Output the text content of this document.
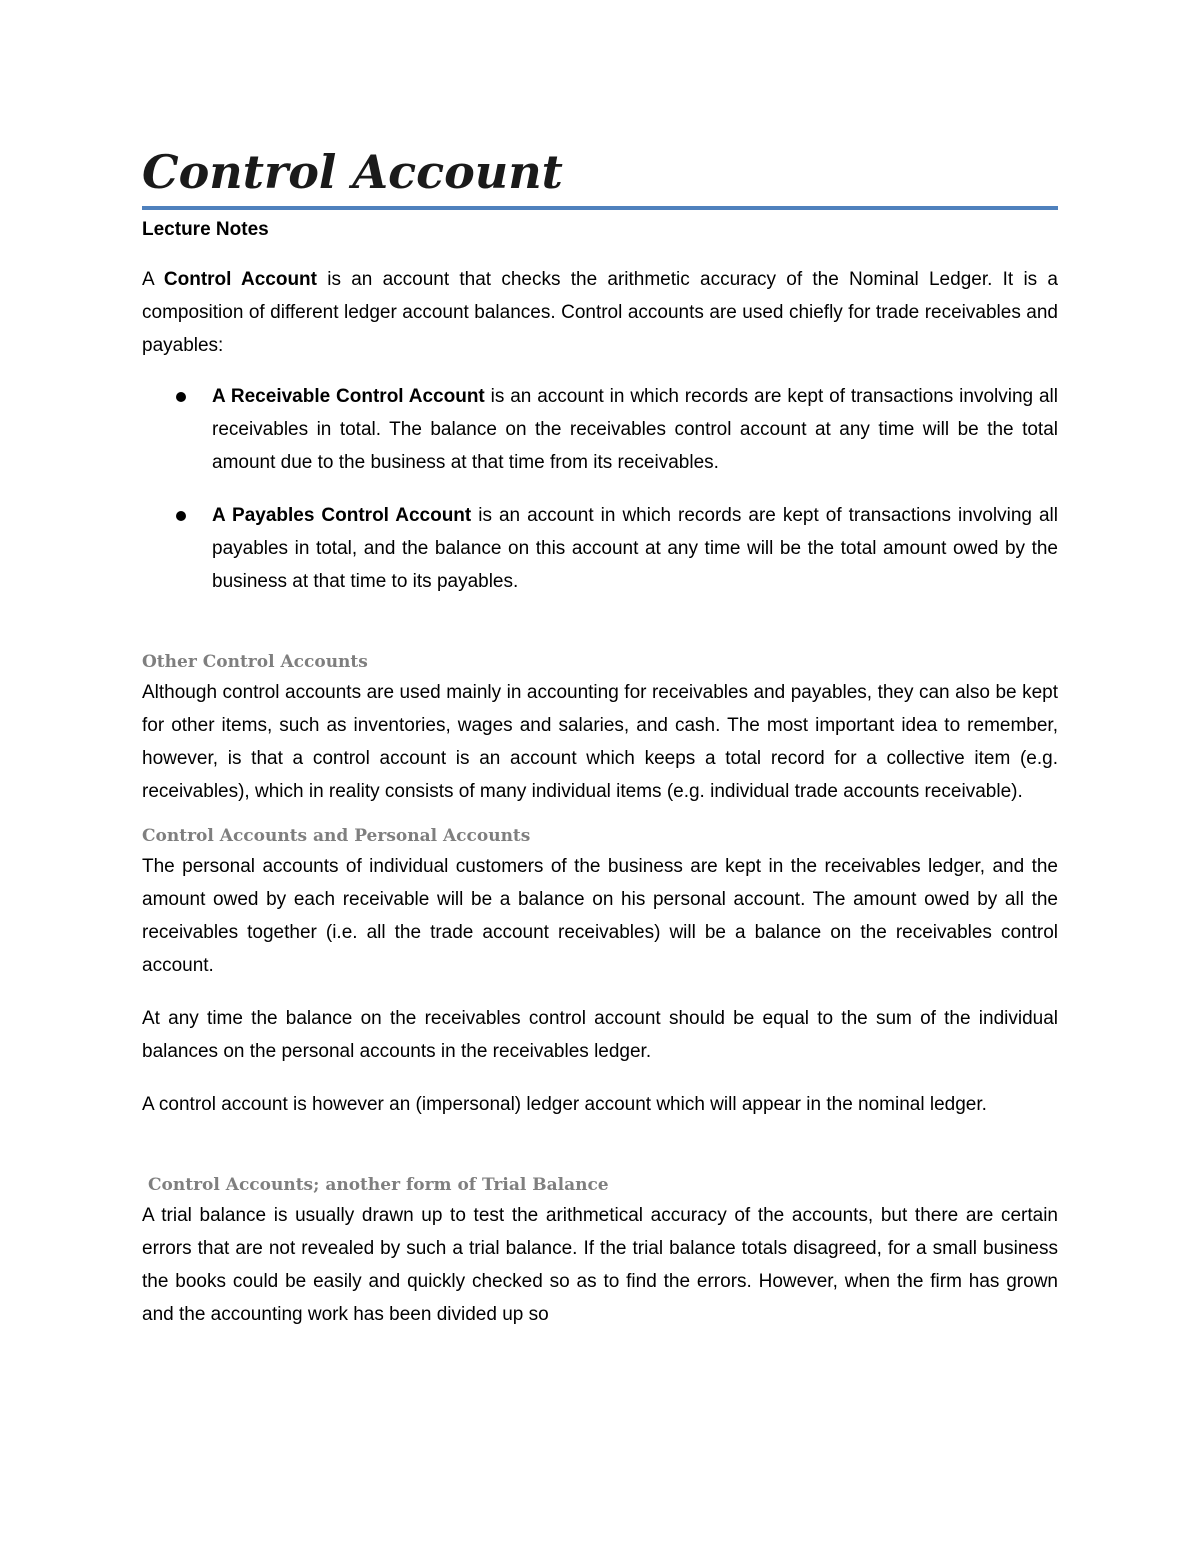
Control Account
Lecture Notes

A Control Account is an account that checks the arithmetic accuracy of the Nominal Ledger. It is a composition of different ledger account balances. Control accounts are used chiefly for trade receivables and payables:

A Receivable Control Account is an account in which records are kept of transactions involving all receivables in total. The balance on the receivables control account at any time will be the total amount due to the business at that time from its receivables.
A Payables Control Account is an account in which records are kept of transactions involving all payables in total, and the balance on this account at any time will be the total amount owed by the business at that time to its payables.
Other Control Accounts

Although control accounts are used mainly in accounting for receivables and payables, they can also be kept for other items, such as inventories, wages and salaries, and cash. The most important idea to remember, however, is that a control account is an account which keeps a total record for a collective item (e.g. receivables), which in reality consists of many individual items (e.g. individual trade accounts receivable).

Control Accounts and Personal Accounts

The personal accounts of individual customers of the business are kept in the receivables ledger, and the amount owed by each receivable will be a balance on his personal account. The amount owed by all the receivables together (i.e. all the trade account receivables) will be a balance on the receivables control account.

At any time the balance on the receivables control account should be equal to the sum of the individual balances on the personal accounts in the receivables ledger.

A control account is however an (impersonal) ledger account which will appear in the nominal ledger.

Control Accounts; another form of Trial Balance

A trial balance is usually drawn up to test the arithmetical accuracy of the accounts, but there are certain errors that are not revealed by such a trial balance. If the trial balance totals disagreed, for a small business the books could be easily and quickly checked so as to find the errors. However, when the firm has grown and the accounting work has been divided up so
